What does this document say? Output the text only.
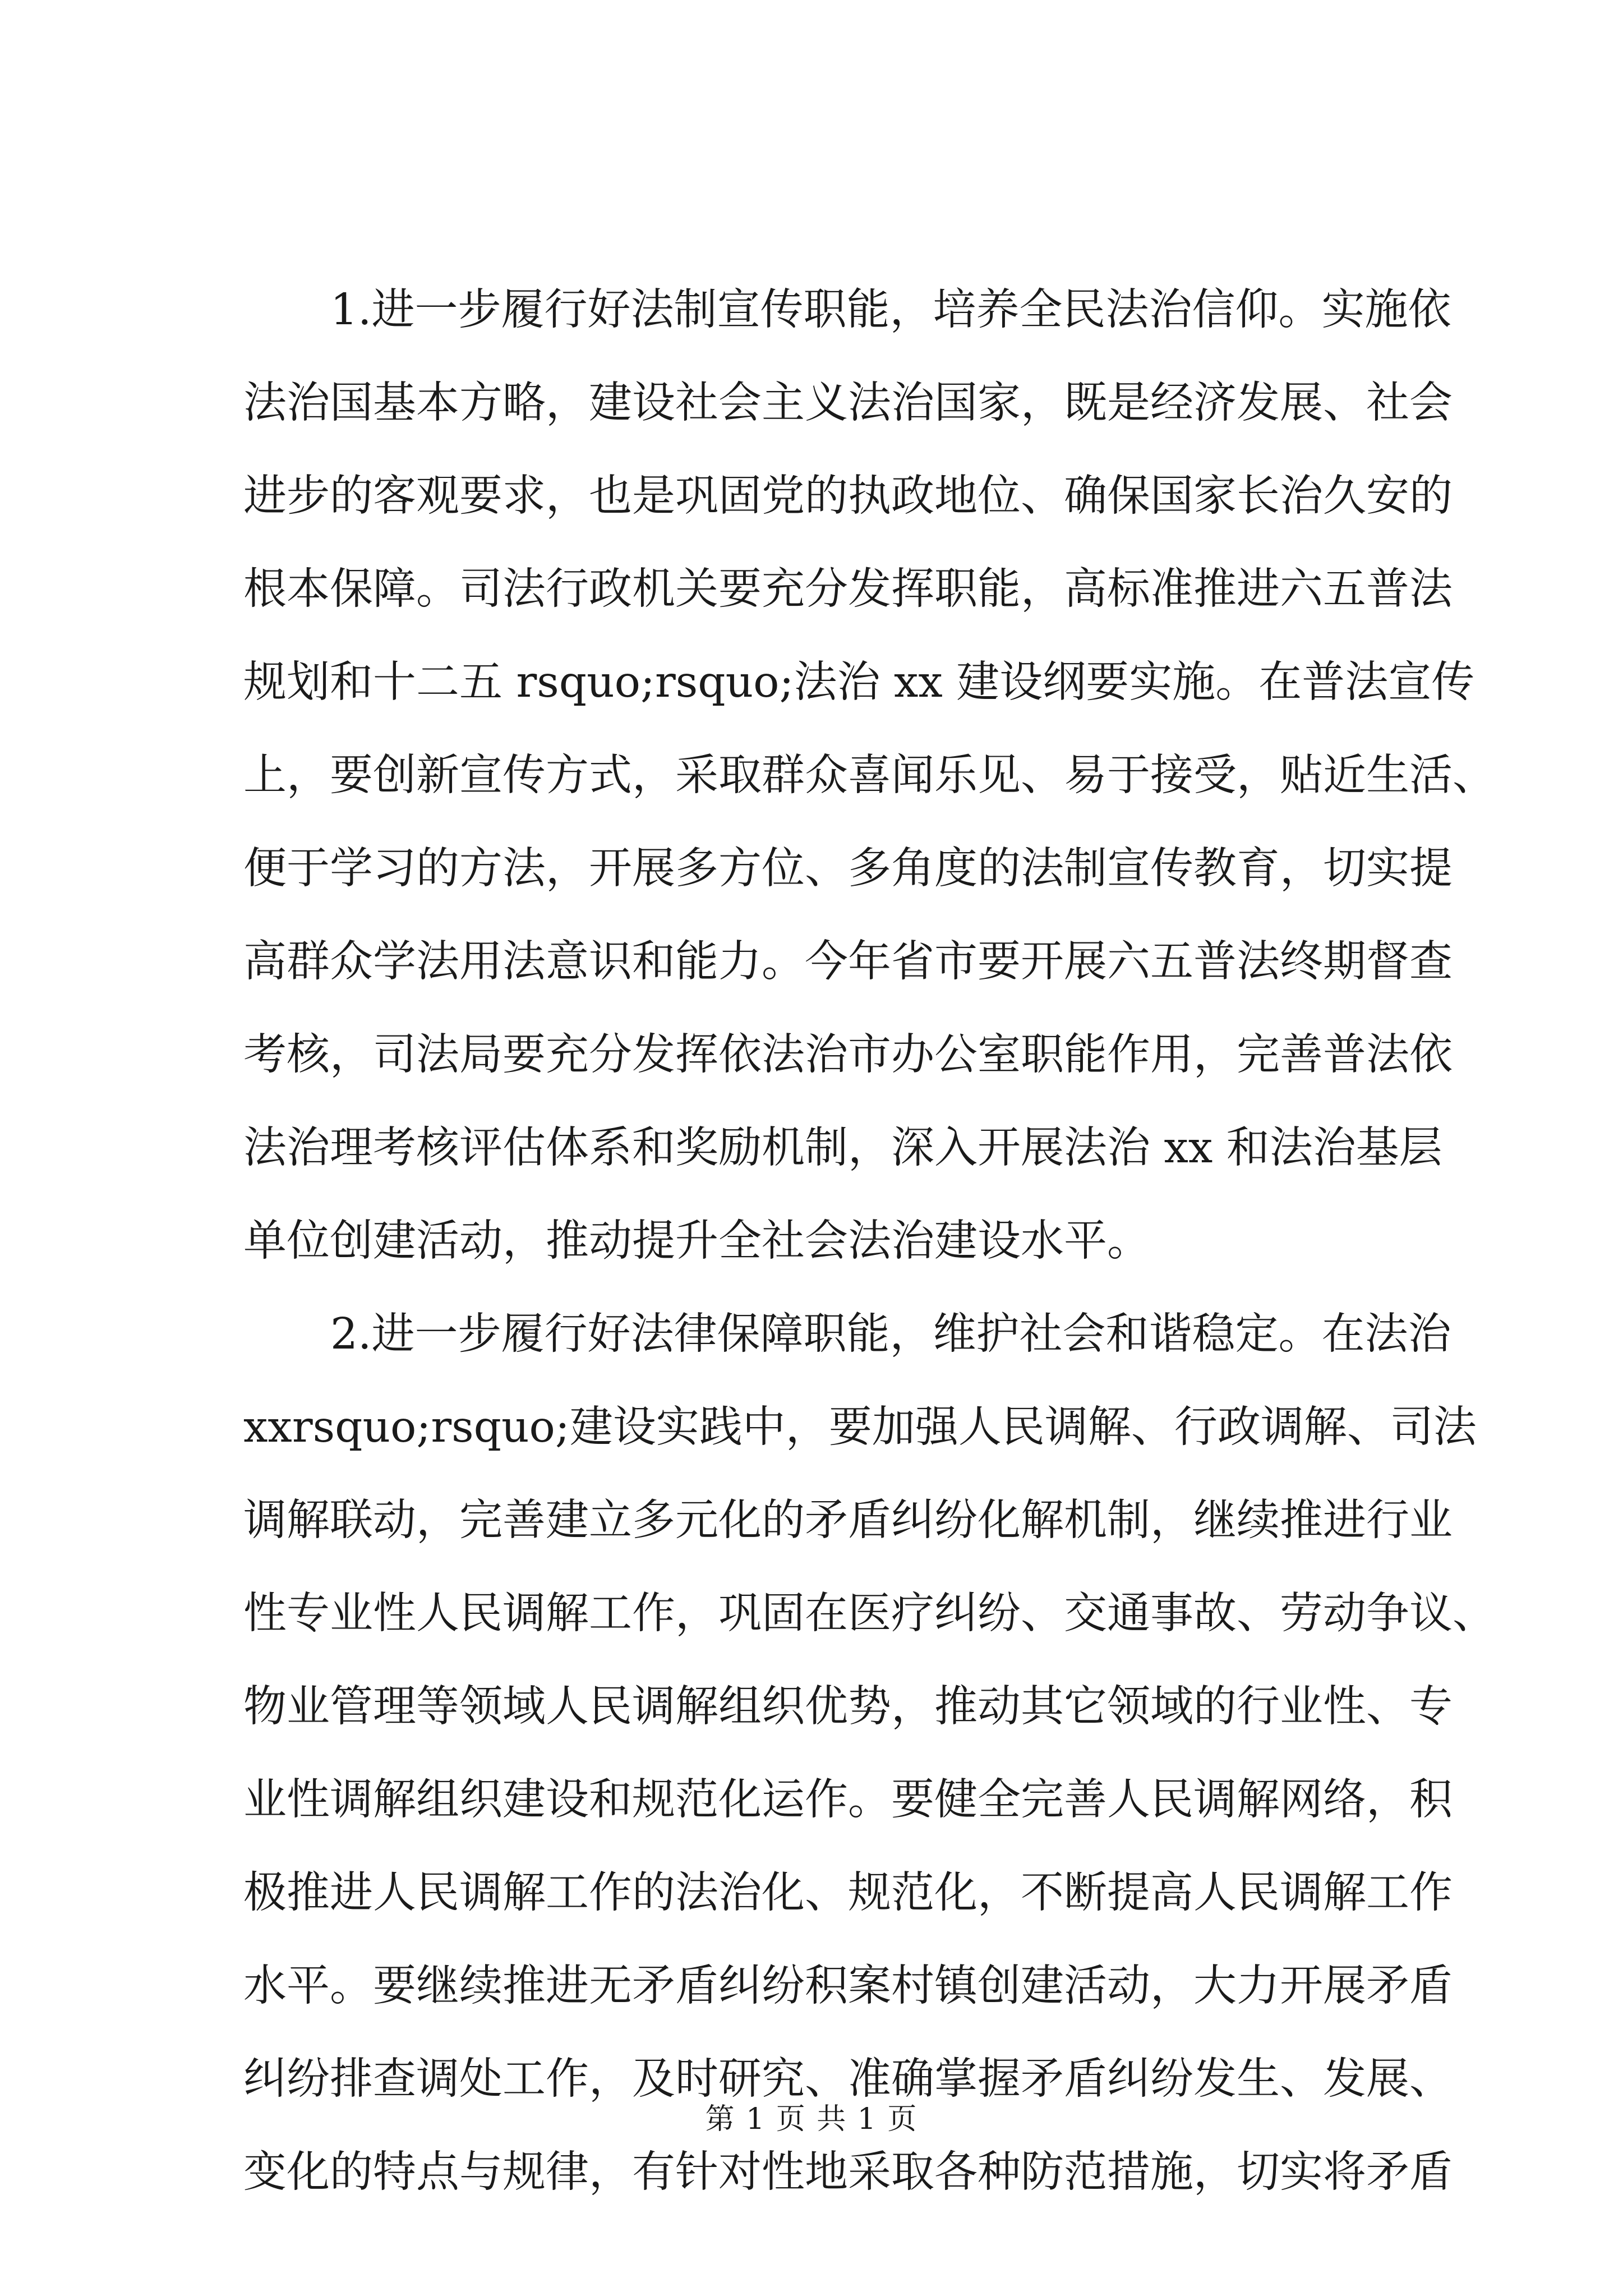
1.进一步履行好法制宣传职能，培养全民法治信仰。实施依
法治国基本方略，建设社会主义法治国家，既是经济发展、社会
进步的客观要求，也是巩固党的执政地位、确保国家长治久安的
根本保障。司法行政机关要充分发挥职能，高标准推进六五普法
规划和十二五 rsquo;rsquo;法治 xx 建设纲要实施。在普法宣传
上，要创新宣传方式，采取群众喜闻乐见、易于接受，贴近生活、
便于学习的方法，开展多方位、多角度的法制宣传教育，切实提
高群众学法用法意识和能力。今年省市要开展六五普法终期督查
考核，司法局要充分发挥依法治市办公室职能作用，完善普法依
法治理考核评估体系和奖励机制，深入开展法治 xx 和法治基层
单位创建活动，推动提升全社会法治建设水平。
2.进一步履行好法律保障职能，维护社会和谐稳定。在法治
xxrsquo;rsquo;建设实践中，要加强人民调解、行政调解、司法
调解联动，完善建立多元化的矛盾纠纷化解机制，继续推进行业
性专业性人民调解工作，巩固在医疗纠纷、交通事故、劳动争议、
物业管理等领域人民调解组织优势，推动其它领域的行业性、专
业性调解组织建设和规范化运作。要健全完善人民调解网络，积
极推进人民调解工作的法治化、规范化，不断提高人民调解工作
水平。要继续推进无矛盾纠纷积案村镇创建活动，大力开展矛盾
纠纷排查调处工作，及时研究、准确掌握矛盾纠纷发生、发展、
变化的特点与规律，有针对性地采取各种防范措施，切实将矛盾
第 1 页 共 1 页
